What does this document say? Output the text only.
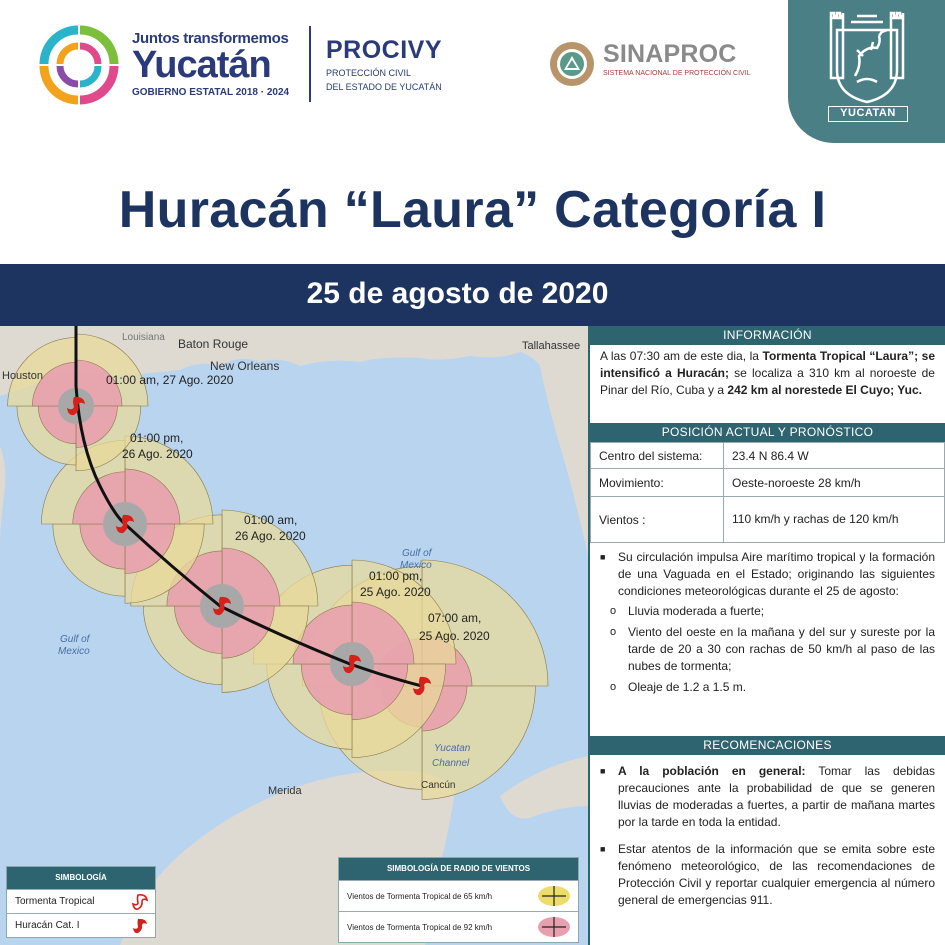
Juntos transformemos
Yucatán
GOBIERNO ESTATAL 2018 · 2024
PROCIVY
PROTECCIÓN CIVIL
DEL ESTADO DE YUCATÁN
SINAPROC
SISTEMA NACIONAL DE PROTECCIÓN CIVIL
YUCATAN
Huracán “Laura” Categoría I
25 de agosto de 2020
Louisiana Baton Rouge
New Orleans
Tallahassee
Houston
Gulf of
Mexico
Gulf of
Mexico
Yucatan
Channel
Merida	Cancún
01:00 am, 27 Ago. 2020
01:00 pm,
26 Ago. 2020
01:00 am,
26 Ago. 2020
01:00 pm,
25 Ago. 2020
07:00 am,
25 Ago. 2020
SIMBOLOGÍA
Tormenta Tropical
Huracán Cat. I
SIMBOLOGÍA DE RADIO DE VIENTOS
Vientos de Tormenta Tropical de 65 km/h
Vientos de Tormenta Tropical de 92 km/h
INFORMACIÓN
A las 07:30 am de este dia, la Tormenta Tropical “Laura”; se intensificó a Huracán; se localiza a 310 km al noroeste de Pinar del Río, Cuba y a 242 km al norestede El Cuyo; Yuc.
POSICIÓN ACTUAL Y PRONÓSTICO
Centro del sistema:	23.4 N 86.4 W
Movimiento:	Oeste-noroeste 28 km/h
Vientos :	110 km/h y rachas de 120 km/h
■	Su circulación impulsa Aire marítimo tropical y la formación de una Vaguada en el Estado; originando las siguientes condiciones meteorológicas durante el 25 de agosto:
o Lluvia moderada a fuerte;
o Viento del oeste en la mañana y del sur y sureste por la tarde de 20 a 30 con rachas de 50 km/h al paso de las nubes de tormenta;
o Oleaje de 1.2 a 1.5 m.
RECOMENCACIONES
■	A la población en general: Tomar las debidas precauciones ante la probabilidad de que se generen lluvias de moderadas a fuertes, a partir de mañana martes por la tarde en toda la entidad.
■	Estar atentos de la información que se emita sobre este fenómeno meteorológico, de las recomendaciones de Protección Civil y reportar cualquier emergencia al número general de emergencias 911.
